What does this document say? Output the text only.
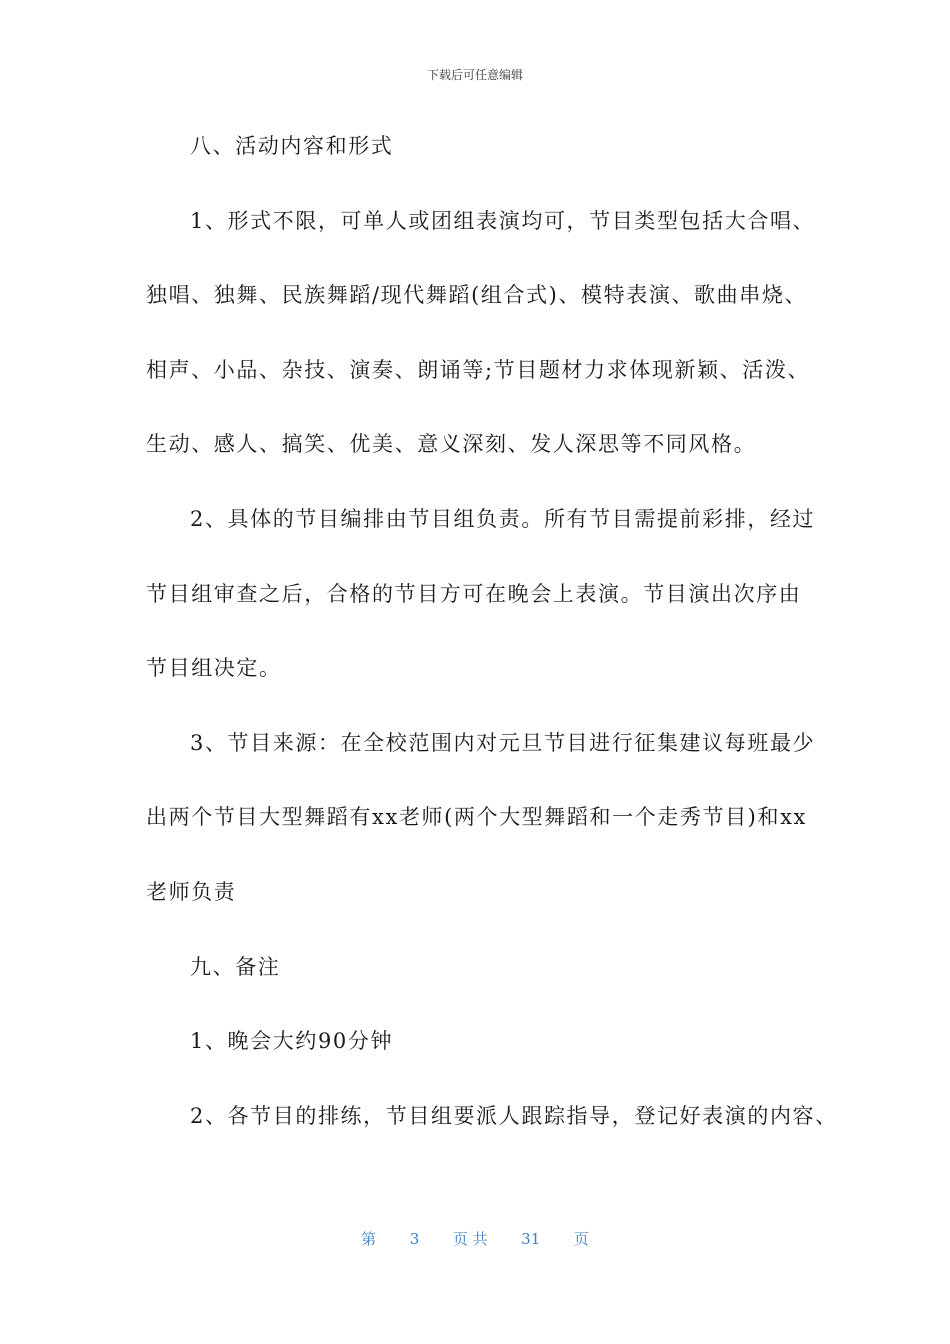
下载后可任意编辑
八、活动内容和形式
1、形式不限，可单人或团组表演均可，节目类型包括大合唱、
独唱、独舞、民族舞蹈/现代舞蹈(组合式)、模特表演、歌曲串烧、
相声、小品、杂技、演奏、朗诵等;节目题材力求体现新颖、活泼、
生动、感人、搞笑、优美、意义深刻、发人深思等不同风格。
2、具体的节目编排由节目组负责。所有节目需提前彩排，经过
节目组审查之后，合格的节目方可在晚会上表演。节目演出次序由
节目组决定。
3、节目来源：在全校范围内对元旦节目进行征集建议每班最少
出两个节目大型舞蹈有xx老师(两个大型舞蹈和一个走秀节目)和xx
老师负责
九、备注
1、晚会大约90分钟
2、各节目的排练，节目组要派人跟踪指导，登记好表演的内容、
第 3 页 共 31 页
